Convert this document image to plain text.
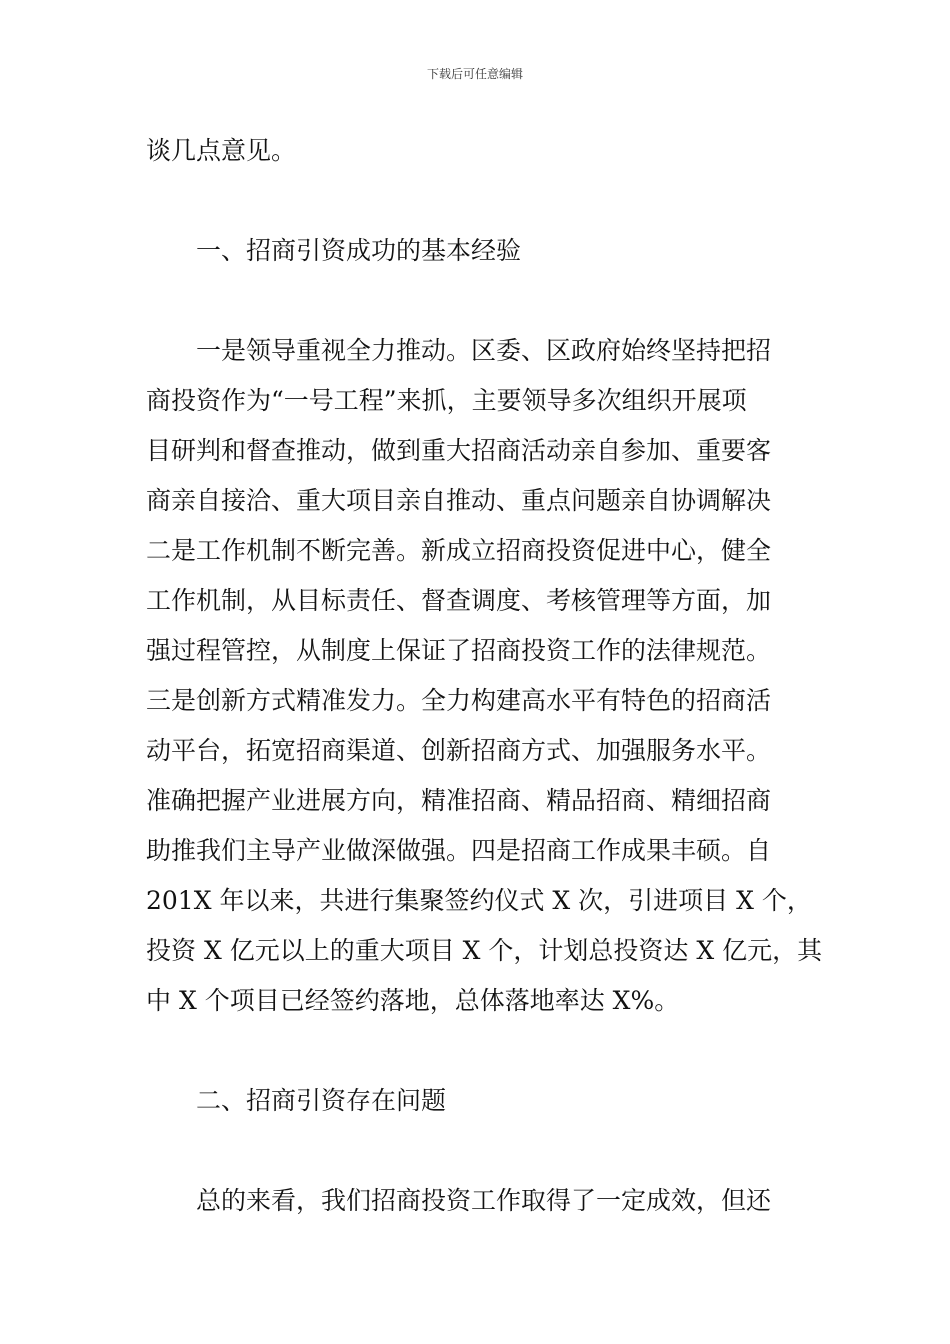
下载后可任意编辑
谈几点意见。
一、招商引资成功的基本经验
一是领导重视全力推动。区委、区政府始终坚持把招
商投资作为“一号工程”来抓，主要领导多次组织开展项
目研判和督查推动，做到重大招商活动亲自参加、重要客
商亲自接洽、重大项目亲自推动、重点问题亲自协调解决
二是工作机制不断完善。新成立招商投资促进中心，健全
工作机制，从目标责任、督查调度、考核管理等方面，加
强过程管控，从制度上保证了招商投资工作的法律规范。
三是创新方式精准发力。全力构建高水平有特色的招商活
动平台，拓宽招商渠道、创新招商方式、加强服务水平。
准确把握产业进展方向，精准招商、精品招商、精细招商
助推我们主导产业做深做强。四是招商工作成果丰硕。自
201X 年以来，共进行集聚签约仪式 X 次，引进项目 X 个，
投资 X 亿元以上的重大项目 X 个，计划总投资达 X 亿元，其
中 X 个项目已经签约落地，总体落地率达 X%。
二、招商引资存在问题
总的来看，我们招商投资工作取得了一定成效，但还
